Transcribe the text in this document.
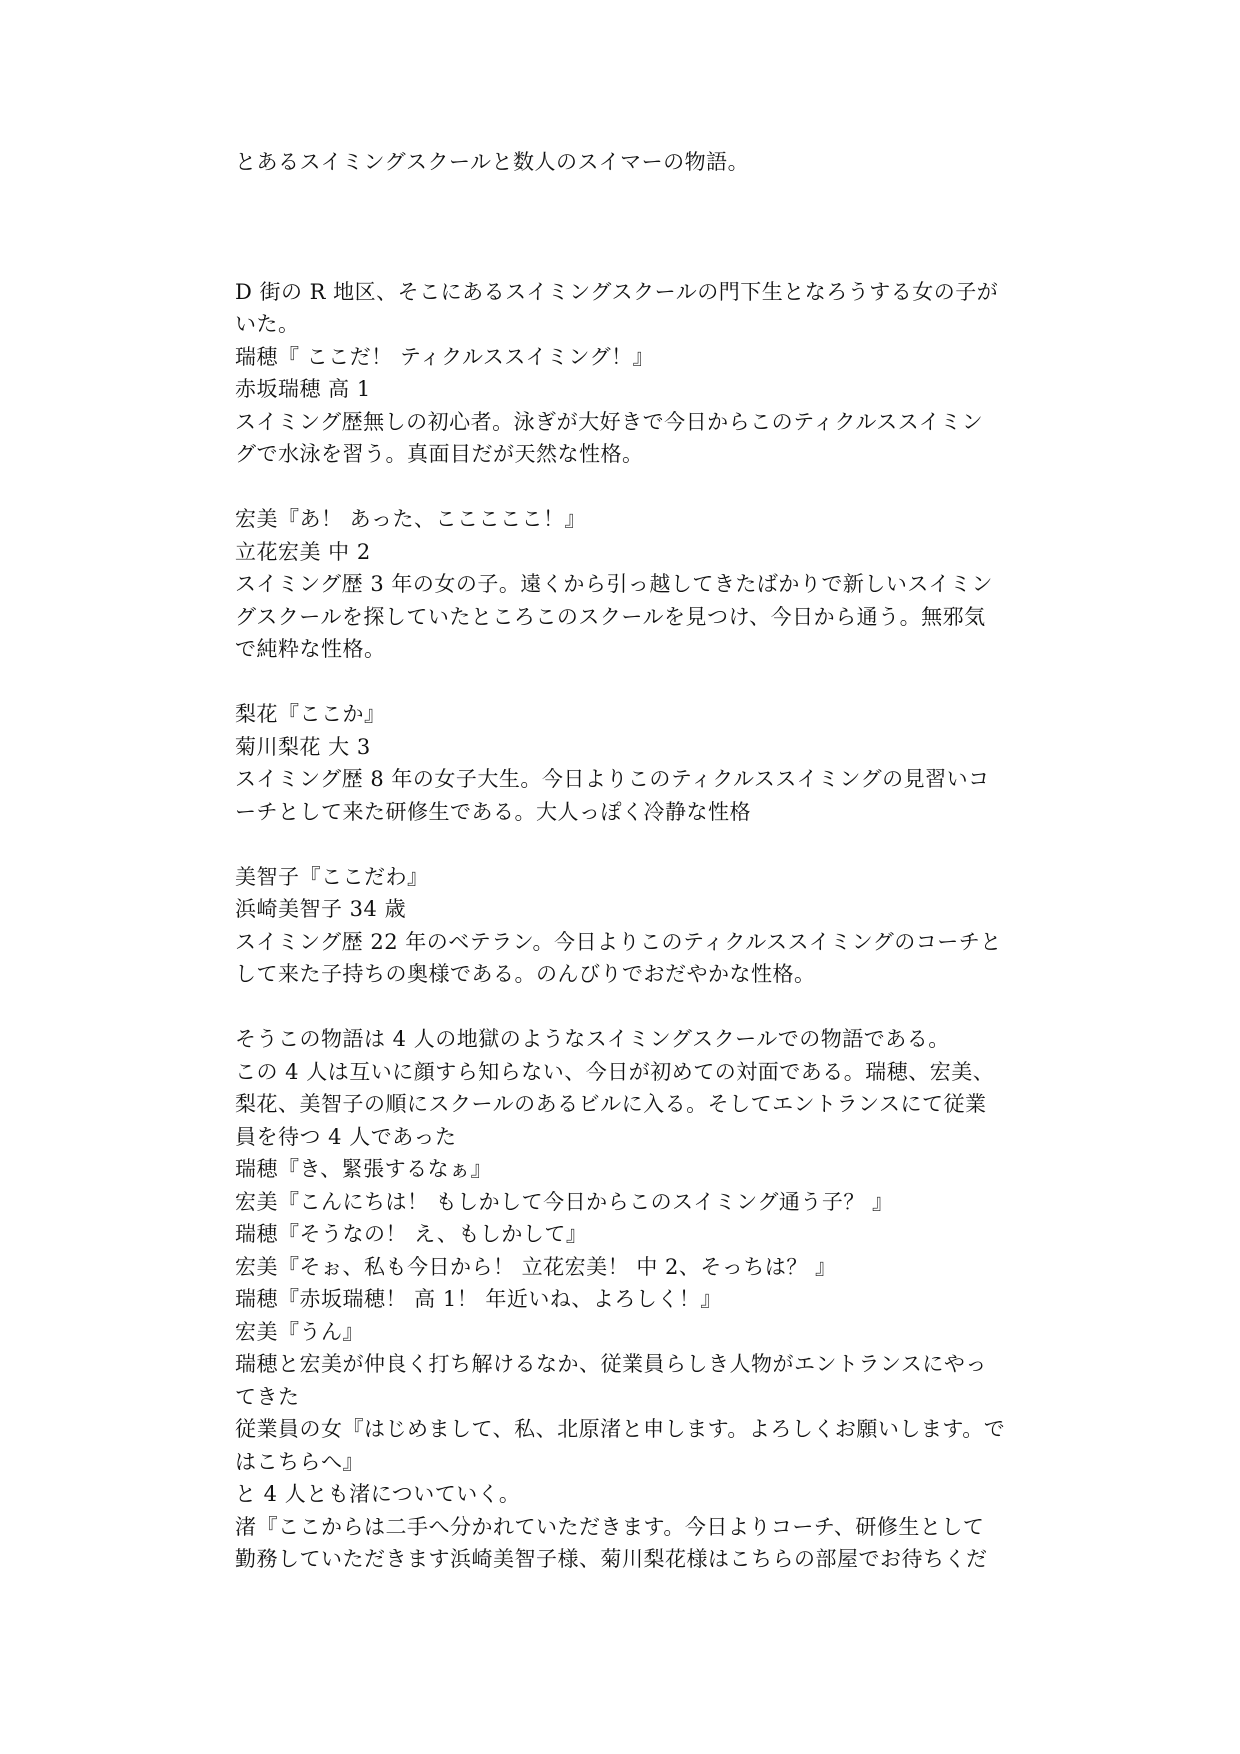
とあるスイミングスクールと数人のスイマーの物語。
D 街の R 地区、そこにあるスイミングスクールの門下生となろうする女の子が
いた。
瑞穂『 ここだ！ ティクルススイミング！』
赤坂瑞穂 高 1
スイミング歴無しの初心者。泳ぎが大好きで今日からこのティクルススイミン
グで水泳を習う。真面目だが天然な性格。
宏美『あ！ あった、こここここ！』
立花宏美 中 2
スイミング歴 3 年の女の子。遠くから引っ越してきたばかりで新しいスイミン
グスクールを探していたところこのスクールを見つけ、今日から通う。無邪気
で純粋な性格。
梨花『ここか』
菊川梨花 大 3
スイミング歴 8 年の女子大生。今日よりこのティクルススイミングの見習いコ
ーチとして来た研修生である。大人っぽく冷静な性格
美智子『ここだわ』
浜崎美智子 34 歳
スイミング歴 22 年のベテラン。今日よりこのティクルススイミングのコーチと
して来た子持ちの奥様である。のんびりでおだやかな性格。
そうこの物語は 4 人の地獄のようなスイミングスクールでの物語である。
この 4 人は互いに顔すら知らない、今日が初めての対面である。瑞穂、宏美、
梨花、美智子の順にスクールのあるビルに入る。そしてエントランスにて従業
員を待つ 4 人であった
瑞穂『き、緊張するなぁ』
宏美『こんにちは！ もしかして今日からこのスイミング通う子？ 』
瑞穂『そうなの！ え、もしかして』
宏美『そぉ、私も今日から！ 立花宏美！ 中 2、そっちは？ 』
瑞穂『赤坂瑞穂！ 高 1！ 年近いね、よろしく！』
宏美『うん』
瑞穂と宏美が仲良く打ち解けるなか、従業員らしき人物がエントランスにやっ
てきた
従業員の女『はじめまして、私、北原渚と申します。よろしくお願いします。で
はこちらへ』
と 4 人とも渚についていく。
渚『ここからは二手へ分かれていただきます。今日よりコーチ、研修生として
勤務していただきます浜崎美智子様、菊川梨花様はこちらの部屋でお待ちくだ
